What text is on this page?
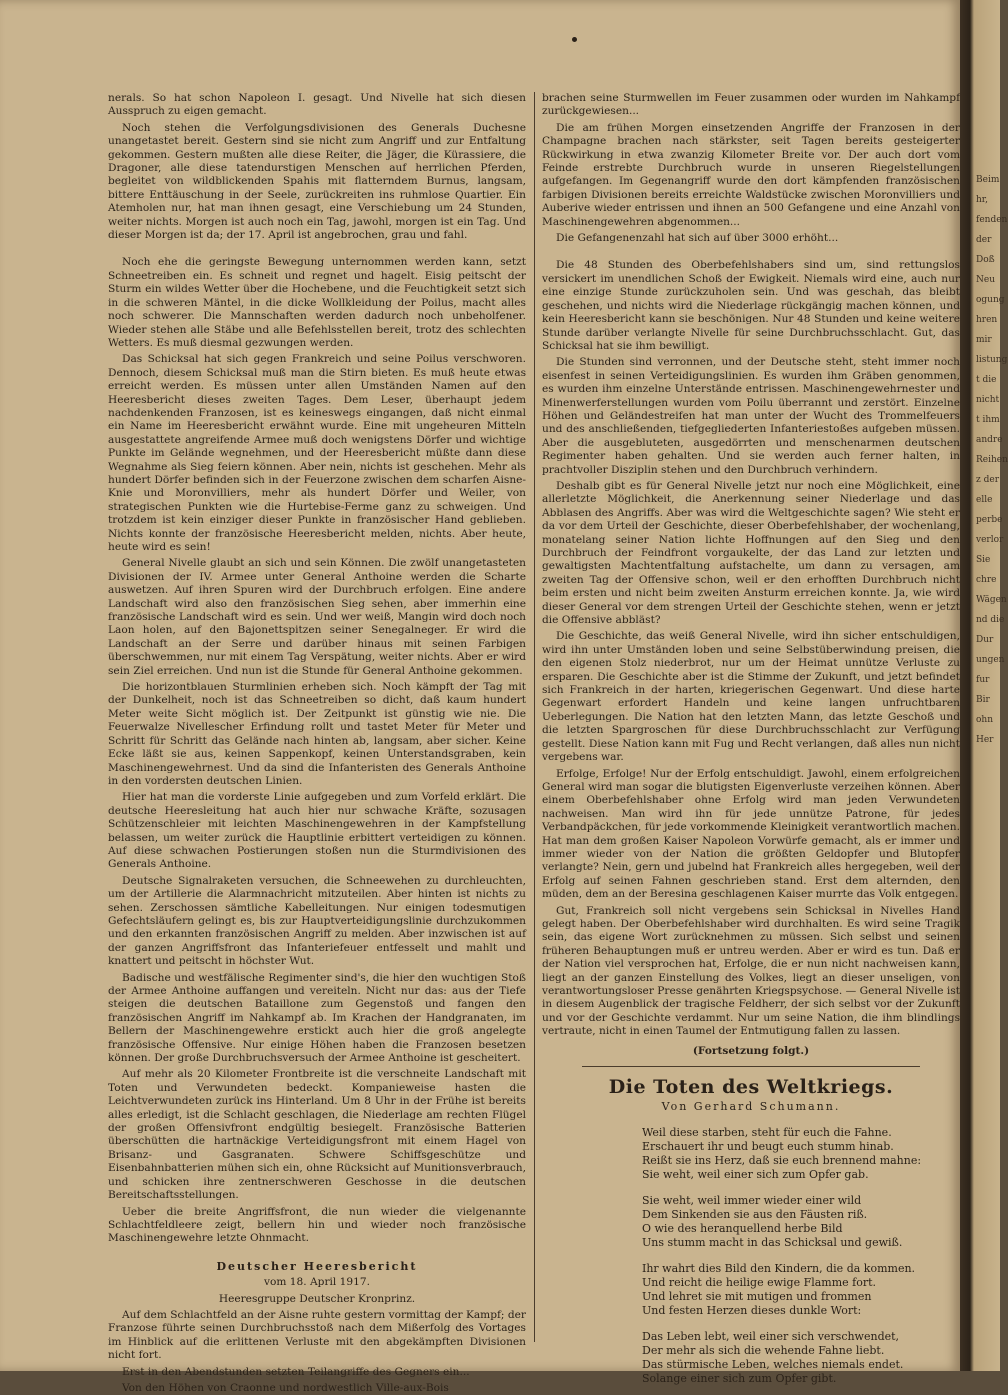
nerals. So hat schon Napoleon I. gesagt. Und Nivelle hat sich diesen Ausspruch zu eigen gemacht.

Noch stehen die Verfolgungsdivisionen des Generals Duchesne unangetastet bereit. Gestern sind sie nicht zum Angriff und zur Entfaltung gekommen. Gestern mußten alle diese Reiter, die Jäger, die Kürassiere, die Dragoner, alle diese tatendurstigen Menschen auf herrlichen Pferden, begleitet von wildblickenden Spahis mit flatterndem Burnus, langsam, bittere Enttäuschung in der Seele, zurückreiten ins ruhmlose Quartier. Ein Atemholen nur, hat man ihnen gesagt, eine Verschiebung um 24 Stunden, weiter nichts. Morgen ist auch noch ein Tag, jawohl, morgen ist ein Tag. Und dieser Morgen ist da; der 17. April ist angebrochen, grau und fahl.

Noch ehe die geringste Bewegung unternommen werden kann, setzt Schneetreiben ein. Es schneit und regnet und hagelt. Eisig peitscht der Sturm ein wildes Wetter über die Hochebene, und die Feuchtigkeit setzt sich in die schweren Mäntel, in die dicke Wollkleidung der Poilus, macht alles noch schwerer. Die Mannschaften werden dadurch noch unbeholfener. Wieder stehen alle Stäbe und alle Befehlsstellen bereit, trotz des schlechten Wetters. Es muß diesmal gezwungen werden.

Das Schicksal hat sich gegen Frankreich und seine Poilus verschworen. Dennoch, diesem Schicksal muß man die Stirn bieten. Es muß heute etwas erreicht werden. Es müssen unter allen Umständen Namen auf den Heeresbericht dieses zweiten Tages. Dem Leser, überhaupt jedem nachdenkenden Franzosen, ist es keineswegs eingangen, daß nicht einmal ein Name im Heeresbericht erwähnt wurde. Eine mit ungeheuren Mitteln ausgestattete angreifende Armee muß doch wenigstens Dörfer und wichtige Punkte im Gelände wegnehmen, und der Heeresbericht müßte dann diese Wegnahme als Sieg feiern können. Aber nein, nichts ist geschehen. Mehr als hundert Dörfer befinden sich in der Feuerzone zwischen dem scharfen Aisne-Knie und Moronvilliers, mehr als hundert Dörfer und Weiler, von strategischen Punkten wie die Hurtebise-Ferme ganz zu schweigen. Und trotzdem ist kein einziger dieser Punkte in französischer Hand geblieben. Nichts konnte der französische Heeresbericht melden, nichts. Aber heute, heute wird es sein!

General Nivelle glaubt an sich und sein Können. Die zwölf unangetasteten Divisionen der IV. Armee unter General Anthoine werden die Scharte auswetzen. Auf ihren Spuren wird der Durchbruch erfolgen. Eine andere Landschaft wird also den französischen Sieg sehen, aber immerhin eine französische Landschaft wird es sein. Und wer weiß, Mangin wird doch noch Laon holen, auf den Bajonettspitzen seiner Senegalneger. Er wird die Landschaft an der Serre und darüber hinaus mit seinen Farbigen überschwemmen, nur mit einem Tag Verspätung, weiter nichts. Aber er wird sein Ziel erreichen. Und nun ist die Stunde für General Anthoine gekommen.

Die horizontblauen Sturmlinien erheben sich. Noch kämpft der Tag mit der Dunkelheit, noch ist das Schneetreiben so dicht, daß kaum hundert Meter weite Sicht möglich ist. Der Zeitpunkt ist günstig wie nie. Die Feuerwalze Nivellescher Erfindung rollt und tastet Meter für Meter und Schritt für Schritt das Gelände nach hinten ab, langsam, aber sicher. Keine Ecke läßt sie aus, keinen Sappenkopf, keinen Unterstandsgraben, kein Maschinengewehrnest. Und da sind die Infanteristen des Generals Anthoine in den vordersten deutschen Linien.

Hier hat man die vorderste Linie aufgegeben und zum Vorfeld erklärt. Die deutsche Heeresleitung hat auch hier nur schwache Kräfte, sozusagen Schützenschleier mit leichten Maschinengewehren in der Kampfstellung belassen, um weiter zurück die Hauptlinie erbittert verteidigen zu können. Auf diese schwachen Postierungen stoßen nun die Sturmdivisionen des Generals Anthoine.

Deutsche Signalraketen versuchen, die Schneewehen zu durchleuchten, um der Artillerie die Alarmnachricht mitzuteilen. Aber hinten ist nichts zu sehen. Zerschossen sämtliche Kabelleitungen. Nur einigen todesmutigen Gefechtsläufern gelingt es, bis zur Hauptverteidigungslinie durchzukommen und den erkannten französischen Angriff zu melden. Aber inzwischen ist auf der ganzen Angriffsfront das Infanteriefeuer entfesselt und mahlt und knattert und peitscht in höchster Wut.

Badische und westfälische Regimenter sind's, die hier den wuchtigen Stoß der Armee Anthoine auffangen und vereiteln. Nicht nur das: aus der Tiefe steigen die deutschen Bataillone zum Gegenstoß und fangen den französischen Angriff im Nahkampf ab. Im Krachen der Handgranaten, im Bellern der Maschinengewehre erstickt auch hier die groß angelegte französische Offensive. Nur einige Höhen haben die Franzosen besetzen können. Der große Durchbruchsversuch der Armee Anthoine ist gescheitert.

Auf mehr als 20 Kilometer Frontbreite ist die verschneite Landschaft mit Toten und Verwundeten bedeckt. Kompanieweise hasten die Leichtverwundeten zurück ins Hinterland. Um 8 Uhr in der Frühe ist bereits alles erledigt, ist die Schlacht geschlagen, die Niederlage am rechten Flügel der großen Offensivfront endgültig besiegelt. Französische Batterien überschütten die hartnäckige Verteidigungsfront mit einem Hagel von Brisanz- und Gasgranaten. Schwere Schiffsgeschütze und Eisenbahnbatterien mühen sich ein, ohne Rücksicht auf Munitionsverbrauch, und schicken ihre zentnerschweren Geschosse in die deutschen Bereitschaftsstellungen.

Ueber die breite Angriffsfront, die nun wieder die vielgenannte Schlachtfeldleere zeigt, bellern hin und wieder noch französische Maschinengewehre letzte Ohnmacht.

Deutscher Heeresbericht

vom 18. April 1917.

Heeresgruppe Deutscher Kronprinz.

Auf dem Schlachtfeld an der Aisne ruhte gestern vormittag der Kampf; der Franzose führte seinen Durchbruchsstoß nach dem Mißerfolg des Vortages im Hinblick auf die erlittenen Verluste mit den abgekämpften Divisionen nicht fort.

Erst in den Abendstunden setzten Teilangriffe des Gegners ein...

Von den Höhen von Craonne und nordwestlich Ville-aux-Bois

brachen seine Sturmwellen im Feuer zusammen oder wurden im Nahkampf zurückgewiesen...

Die am frühen Morgen einsetzenden Angriffe der Franzosen in der Champagne brachen nach stärkster, seit Tagen bereits gesteigerter Rückwirkung in etwa zwanzig Kilometer Breite vor. Der auch dort vom Feinde erstrebte Durchbruch wurde in unseren Riegelstellungen aufgefangen. Im Gegenangriff wurde den dort kämpfenden französischen farbigen Divisionen bereits erreichte Waldstücke zwischen Moronvilliers und Auberive wieder entrissen und ihnen an 500 Gefangene und eine Anzahl von Maschinengewehren abgenommen...

Die Gefangenenzahl hat sich auf über 3000 erhöht...

Die 48 Stunden des Oberbefehlshabers sind um, sind rettungslos versickert im unendlichen Schoß der Ewigkeit. Niemals wird eine, auch nur eine einzige Stunde zurückzuholen sein. Und was geschah, das bleibt geschehen, und nichts wird die Niederlage rückgängig machen können, und kein Heeresbericht kann sie beschönigen. Nur 48 Stunden und keine weitere Stunde darüber verlangte Nivelle für seine Durchbruchsschlacht. Gut, das Schicksal hat sie ihm bewilligt.

Die Stunden sind verronnen, und der Deutsche steht, steht immer noch eisenfest in seinen Verteidigungslinien. Es wurden ihm Gräben genommen, es wurden ihm einzelne Unterstände entrissen. Maschinengewehrnester und Minenwerferstellungen wurden vom Poilu überrannt und zerstört. Einzelne Höhen und Geländestreifen hat man unter der Wucht des Trommelfeuers und des anschließenden, tiefgegliederten Infanteriestoßes aufgeben müssen. Aber die ausgebluteten, ausgedörrten und menschenarmen deutschen Regimenter haben gehalten. Und sie werden auch ferner halten, in prachtvoller Disziplin stehen und den Durchbruch verhindern.

Deshalb gibt es für General Nivelle jetzt nur noch eine Möglichkeit, eine allerletzte Möglichkeit, die Anerkennung seiner Niederlage und das Abblasen des Angriffs. Aber was wird die Weltgeschichte sagen? Wie steht er da vor dem Urteil der Geschichte, dieser Oberbefehlshaber, der wochenlang, monatelang seiner Nation lichte Hoffnungen auf den Sieg und den Durchbruch der Feindfront vorgaukelte, der das Land zur letzten und gewaltigsten Machtentfaltung aufstachelte, um dann zu versagen, am zweiten Tag der Offensive schon, weil er den erhofften Durchbruch nicht beim ersten und nicht beim zweiten Ansturm erreichen konnte. Ja, wie wird dieser General vor dem strengen Urteil der Geschichte stehen, wenn er jetzt die Offensive abbläst?

Die Geschichte, das weiß General Nivelle, wird ihn sicher entschuldigen, wird ihn unter Umständen loben und seine Selbstüberwindung preisen, die den eigenen Stolz niederbrot, nur um der Heimat unnütze Verluste zu ersparen. Die Geschichte aber ist die Stimme der Zukunft, und jetzt befindet sich Frankreich in der harten, kriegerischen Gegenwart. Und diese harte Gegenwart erfordert Handeln und keine langen unfruchtbaren Ueberlegungen. Die Nation hat den letzten Mann, das letzte Geschoß und die letzten Spargroschen für diese Durchbruchsschlacht zur Verfügung gestellt. Diese Nation kann mit Fug und Recht verlangen, daß alles nun nicht vergebens war.

Erfolge, Erfolge! Nur der Erfolg entschuldigt. Jawohl, einem erfolgreichen General wird man sogar die blutigsten Eigenverluste verzeihen können. Aber einem Oberbefehlshaber ohne Erfolg wird man jeden Verwundeten nachweisen. Man wird ihn für jede unnütze Patrone, für jedes Verbandpäckchen, für jede vorkommende Kleinigkeit verantwortlich machen. Hat man dem großen Kaiser Napoleon Vorwürfe gemacht, als er immer und immer wieder von der Nation die größten Geldopfer und Blutopfer verlangte? Nein, gern und jubelnd hat Frankreich alles hergegeben, weil der Erfolg auf seinen Fahnen geschrieben stand. Erst dem alternden, den müden, dem an der Beresina geschlagenen Kaiser murrte das Volk entgegen.

Gut, Frankreich soll nicht vergebens sein Schicksal in Nivelles Hand gelegt haben. Der Oberbefehlshaber wird durchhalten. Es wird seine Tragik sein, das eigene Wort zurücknehmen zu müssen. Sich selbst und seinen früheren Behauptungen muß er untreu werden. Aber er wird es tun. Daß er der Nation viel versprochen hat, Erfolge, die er nun nicht nachweisen kann, liegt an der ganzen Einstellung des Volkes, liegt an dieser unseligen, von verantwortungsloser Presse genährten Kriegspsychose. — General Nivelle ist in diesem Augenblick der tragische Feldherr, der sich selbst vor der Zukunft und vor der Geschichte verdammt. Nur um seine Nation, die ihm blindlings vertraute, nicht in einen Taumel der Entmutigung fallen zu lassen.

(Fortsetzung folgt.)

Die Toten des Weltkriegs.
Von Gerhard Schumann.
Weil diese starben, steht für euch die Fahne.
Erschauert ihr und beugt euch stumm hinab.
Reißt sie ins Herz, daß sie euch brennend mahne:
Sie weht, weil einer sich zum Opfer gab.
Sie weht, weil immer wieder einer wild
Dem Sinkenden sie aus den Fäusten riß.
O wie des heranquellend herbe Bild
Uns stumm macht in das Schicksal und gewiß.
Ihr wahrt dies Bild den Kindern, die da kommen.
Und reicht die heilige ewige Flamme fort.
Und lehret sie mit mutigen und frommen
Und festen Herzen dieses dunkle Wort:
Das Leben lebt, weil einer sich verschwendet,
Der mehr als sich die wehende Fahne liebt.
Das stürmische Leben, welches niemals endet.
Solange einer sich zum Opfer gibt.
Beim
hr,
fenden
der
Doß
Neu
ogung
hren
mir
listung
t die
nicht
t ihm
andre
Reihen
z der
elle
perbe
verlor
Sie
chre
Wägen
nd die
Dur
ungen
fur
Bir
ohn
Her
